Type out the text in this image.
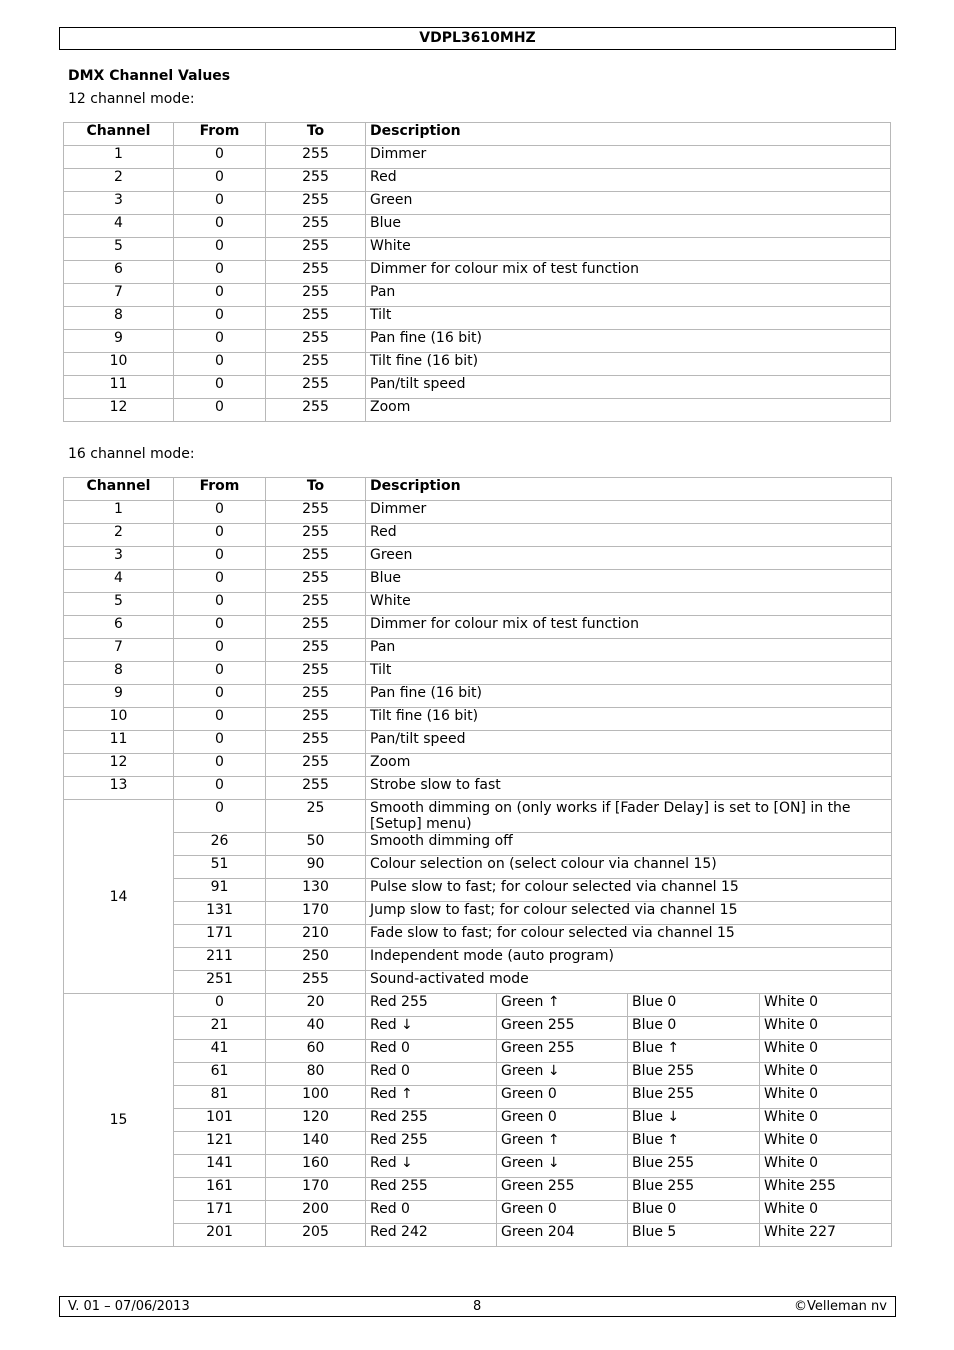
VDPL3610MHZ
DMX Channel Values
12 channel mode:
Channel	From	To	Description
1	0	255	Dimmer
2	0	255	Red
3	0	255	Green
4	0	255	Blue
5	0	255	White
6	0	255	Dimmer for colour mix of test function
7	0	255	Pan
8	0	255	Tilt
9	0	255	Pan fine (16 bit)
10	0	255	Tilt fine (16 bit)
11	0	255	Pan/tilt speed
12	0	255	Zoom
16 channel mode:
Channel	From	To	Description			
1	0	255	Dimmer			
2	0	255	Red			
3	0	255	Green			
4	0	255	Blue			
5	0	255	White			
6	0	255	Dimmer for colour mix of test function			
7	0	255	Pan			
8	0	255	Tilt			
9	0	255	Pan fine (16 bit)			
10	0	255	Tilt fine (16 bit)			
11	0	255	Pan/tilt speed			
12	0	255	Zoom			
13	0	255	Strobe slow to fast			
14	0	25	Smooth dimming on (only works if [Fader Delay] is set to [ON] in the [Setup] menu)			
	26	50	Smooth dimming off			
	51	90	Colour selection on (select colour via channel 15)			
	91	130	Pulse slow to fast; for colour selected via channel 15			
	131	170	Jump slow to fast; for colour selected via channel 15			
	171	210	Fade slow to fast; for colour selected via channel 15			
	211	250	Independent mode (auto program)			
	251	255	Sound-activated mode			
15	0	20	Red 255	Green ↑	Blue 0	White 0
	21	40	Red ↓	Green 255	Blue 0	White 0
	41	60	Red 0	Green 255	Blue ↑	White 0
	61	80	Red 0	Green ↓	Blue 255	White 0
	81	100	Red ↑	Green 0	Blue 255	White 0
	101	120	Red 255	Green 0	Blue ↓	White 0
	121	140	Red 255	Green ↑	Blue ↑	White 0
	141	160	Red ↓	Green ↓	Blue 255	White 0
	161	170	Red 255	Green 255	Blue 255	White 255
	171	200	Red 0	Green 0	Blue 0	White 0
	201	205	Red 242	Green 204	Blue 5	White 227
V. 01 – 07/06/2013	8	©Velleman nv
